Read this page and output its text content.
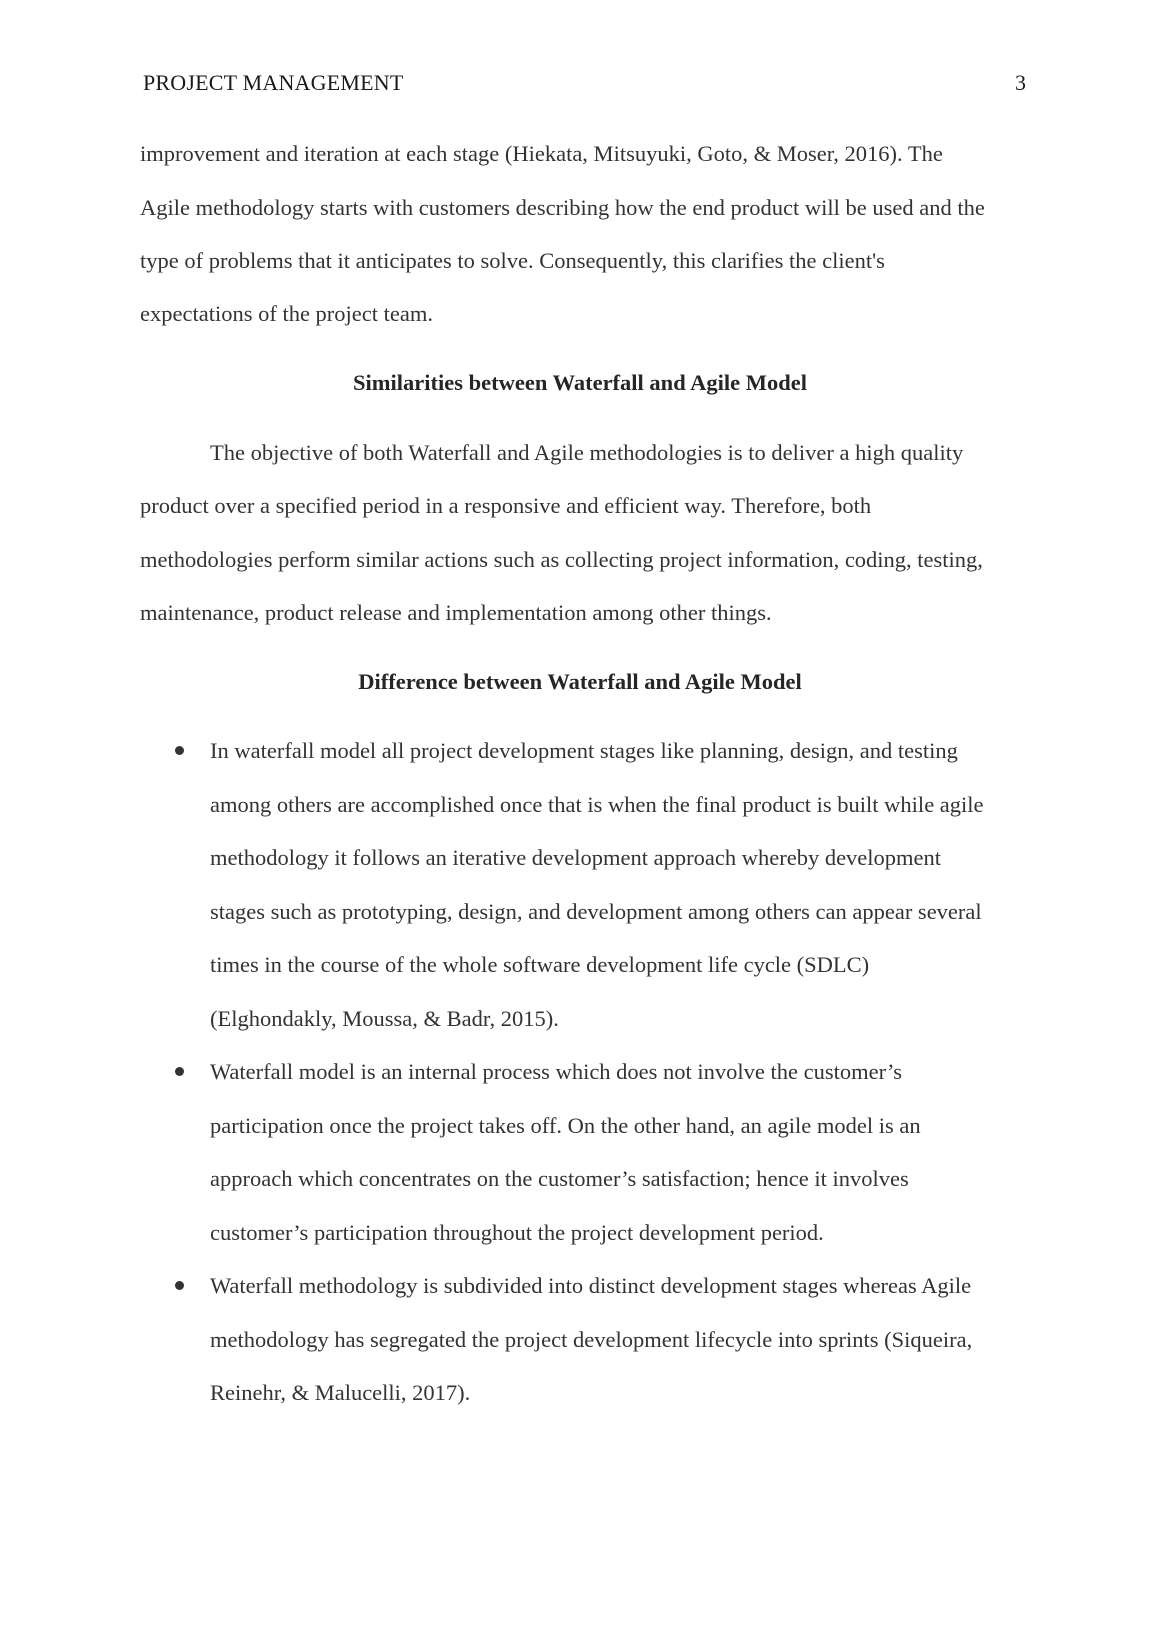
PROJECT MANAGEMENT	3
improvement and iteration at each stage (Hiekata, Mitsuyuki, Goto, & Moser, 2016). The
Agile methodology starts with customers describing how the end product will be used and the
type of problems that it anticipates to solve. Consequently, this clarifies the client's
expectations of the project team.
Similarities between Waterfall and Agile Model
The objective of both Waterfall and Agile methodologies is to deliver a high quality
product over a specified period in a responsive and efficient way. Therefore, both
methodologies perform similar actions such as collecting project information, coding, testing,
maintenance, product release and implementation among other things.
Difference between Waterfall and Agile Model
In waterfall model all project development stages like planning, design, and testing
among others are accomplished once that is when the final product is built while agile
methodology it follows an iterative development approach whereby development
stages such as prototyping, design, and development among others can appear several
times in the course of the whole software development life cycle (SDLC)
(Elghondakly, Moussa, & Badr, 2015).
Waterfall model is an internal process which does not involve the customer’s
participation once the project takes off. On the other hand, an agile model is an
approach which concentrates on the customer’s satisfaction; hence it involves
customer’s participation throughout the project development period.
Waterfall methodology is subdivided into distinct development stages whereas Agile
methodology has segregated the project development lifecycle into sprints (Siqueira,
Reinehr, & Malucelli, 2017).
